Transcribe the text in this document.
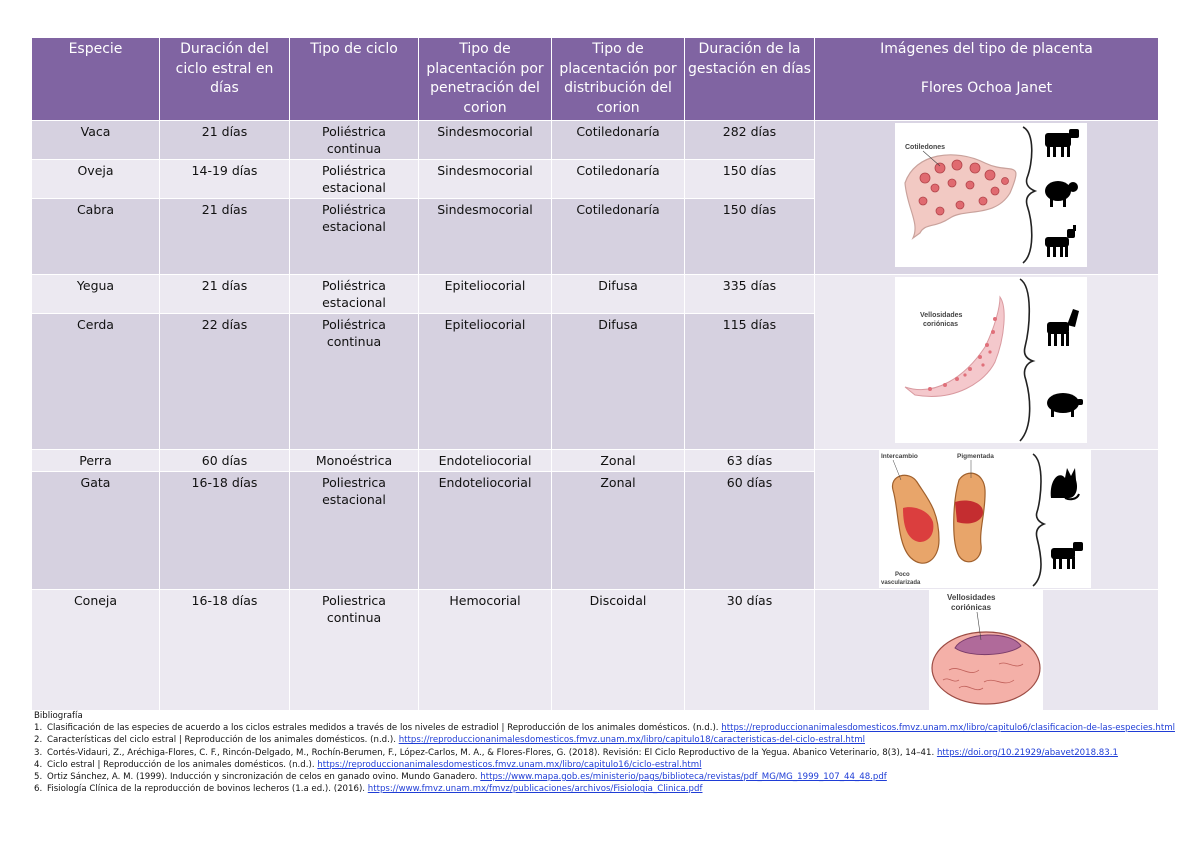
Especie	Duración del ciclo estral en días	Tipo de ciclo	Tipo de placentación por penetración del corion	Tipo de placentación por distribución del corion	Duración de la gestación en días	Imágenes del tipo de placenta
Flores Ochoa Janet
Vaca	21 días	Poliéstrica continua	Sindesmocorial	Cotiledonaría	282 días	Cotiledones

Oveja	14-19 días	Poliéstrica estacional	Sindesmocorial	Cotiledonaría	150 días	
Cabra	21 días	Poliéstrica estacional	Sindesmocorial	Cotiledonaría	150 días	
Yegua	21 días	Poliéstrica estacional	Epiteliocorial	Difusa	335 días	Vellosidades
coriónicas

Cerda	22 días	Poliéstrica continua	Epiteliocorial	Difusa	115 días	
Perra	60 días	Monoéstrica	Endoteliocorial	Zonal	63 días	Intercambio Pigmentada
Poco
vascularizada

Gata	16-18 días	Poliestrica estacional	Endoteliocorial	Zonal	60 días	
Coneja	16-18 días	Poliestrica continua	Hemocorial	Discoidal	30 días	Vellosidades
coriónicas
Bibliografía
1. Clasificación de las especies de acuerdo a los ciclos estrales medidos a través de los niveles de estradiol | Reproducción de los animales domésticos. (n.d.). https://reproduccionanimalesdomesticos.fmvz.unam.mx/libro/capitulo6/clasificacion-de-las-especies.html
2. Características del ciclo estral | Reproducción de los animales domésticos. (n.d.). https://reproduccionanimalesdomesticos.fmvz.unam.mx/libro/capitulo18/caracteristicas-del-ciclo-estral.html
3. Cortés-Vidauri, Z., Aréchiga-Flores, C. F., Rincón-Delgado, M., Rochín-Berumen, F., López-Carlos, M. A., & Flores-Flores, G. (2018). Revisión: El Ciclo Reproductivo de la Yegua. Abanico Veterinario, 8(3), 14–41. https://doi.org/10.21929/abavet2018.83.1
4. Ciclo estral | Reproducción de los animales domésticos. (n.d.). https://reproduccionanimalesdomesticos.fmvz.unam.mx/libro/capitulo16/ciclo-estral.html
5. Ortiz Sánchez, A. M. (1999). Inducción y sincronización de celos en ganado ovino. Mundo Ganadero. https://www.mapa.gob.es/ministerio/pags/biblioteca/revistas/pdf_MG/MG_1999_107_44_48.pdf
6. Fisiología Clínica de la reproducción de bovinos lecheros (1.a ed.). (2016). https://www.fmvz.unam.mx/fmvz/publicaciones/archivos/Fisiologia_Clinica.pdf
